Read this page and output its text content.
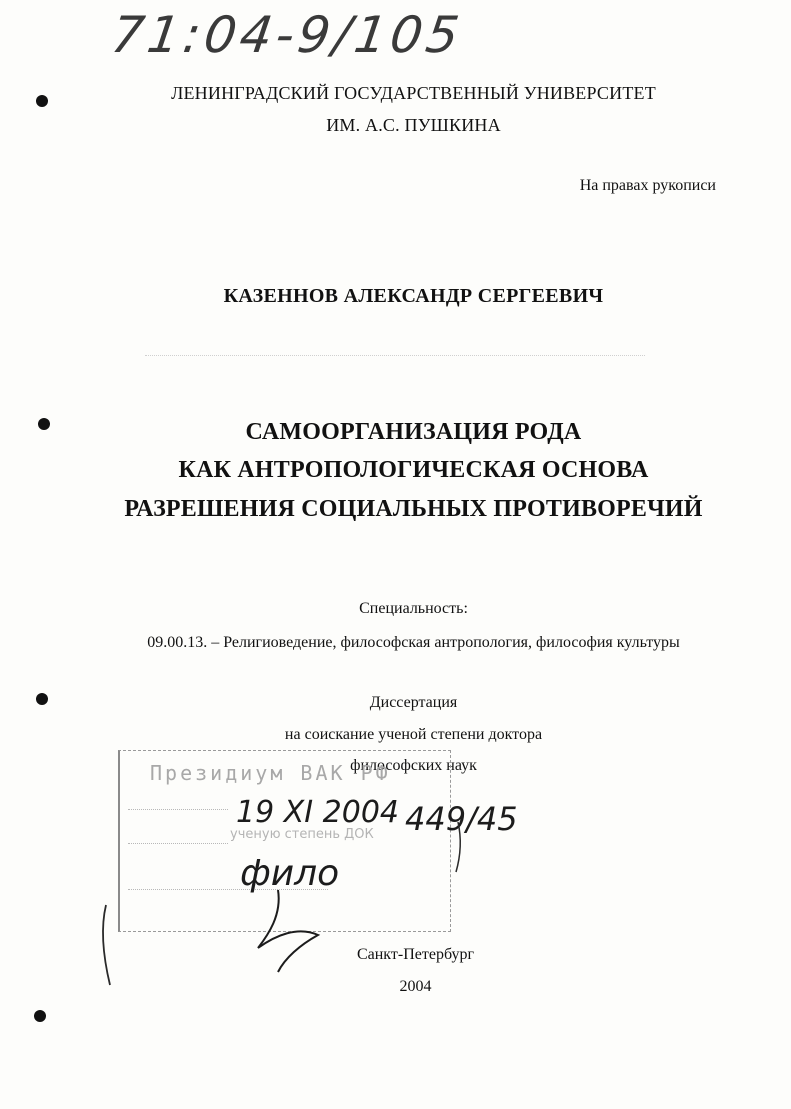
71:04-9/105
ЛЕНИНГРАДСКИЙ ГОСУДАРСТВЕННЫЙ УНИВЕРСИТЕТ
ИМ. А.С. ПУШКИНА
На правах рукописи
КАЗЕННОВ АЛЕКСАНДР СЕРГЕЕВИЧ
САМООРГАНИЗАЦИЯ РОДА
КАК АНТРОПОЛОГИЧЕСКАЯ ОСНОВА
РАЗРЕШЕНИЯ СОЦИАЛЬНЫХ ПРОТИВОРЕЧИЙ
Специальность:
09.00.13. – Религиоведение, философская антропология, философия культуры
Диссертация
на соискание ученой степени доктора
философских наук
Президиум ВАК РФ
ученую степень ДОК
19 XI 2004 449/45
фило
Санкт-Петербург
2004
